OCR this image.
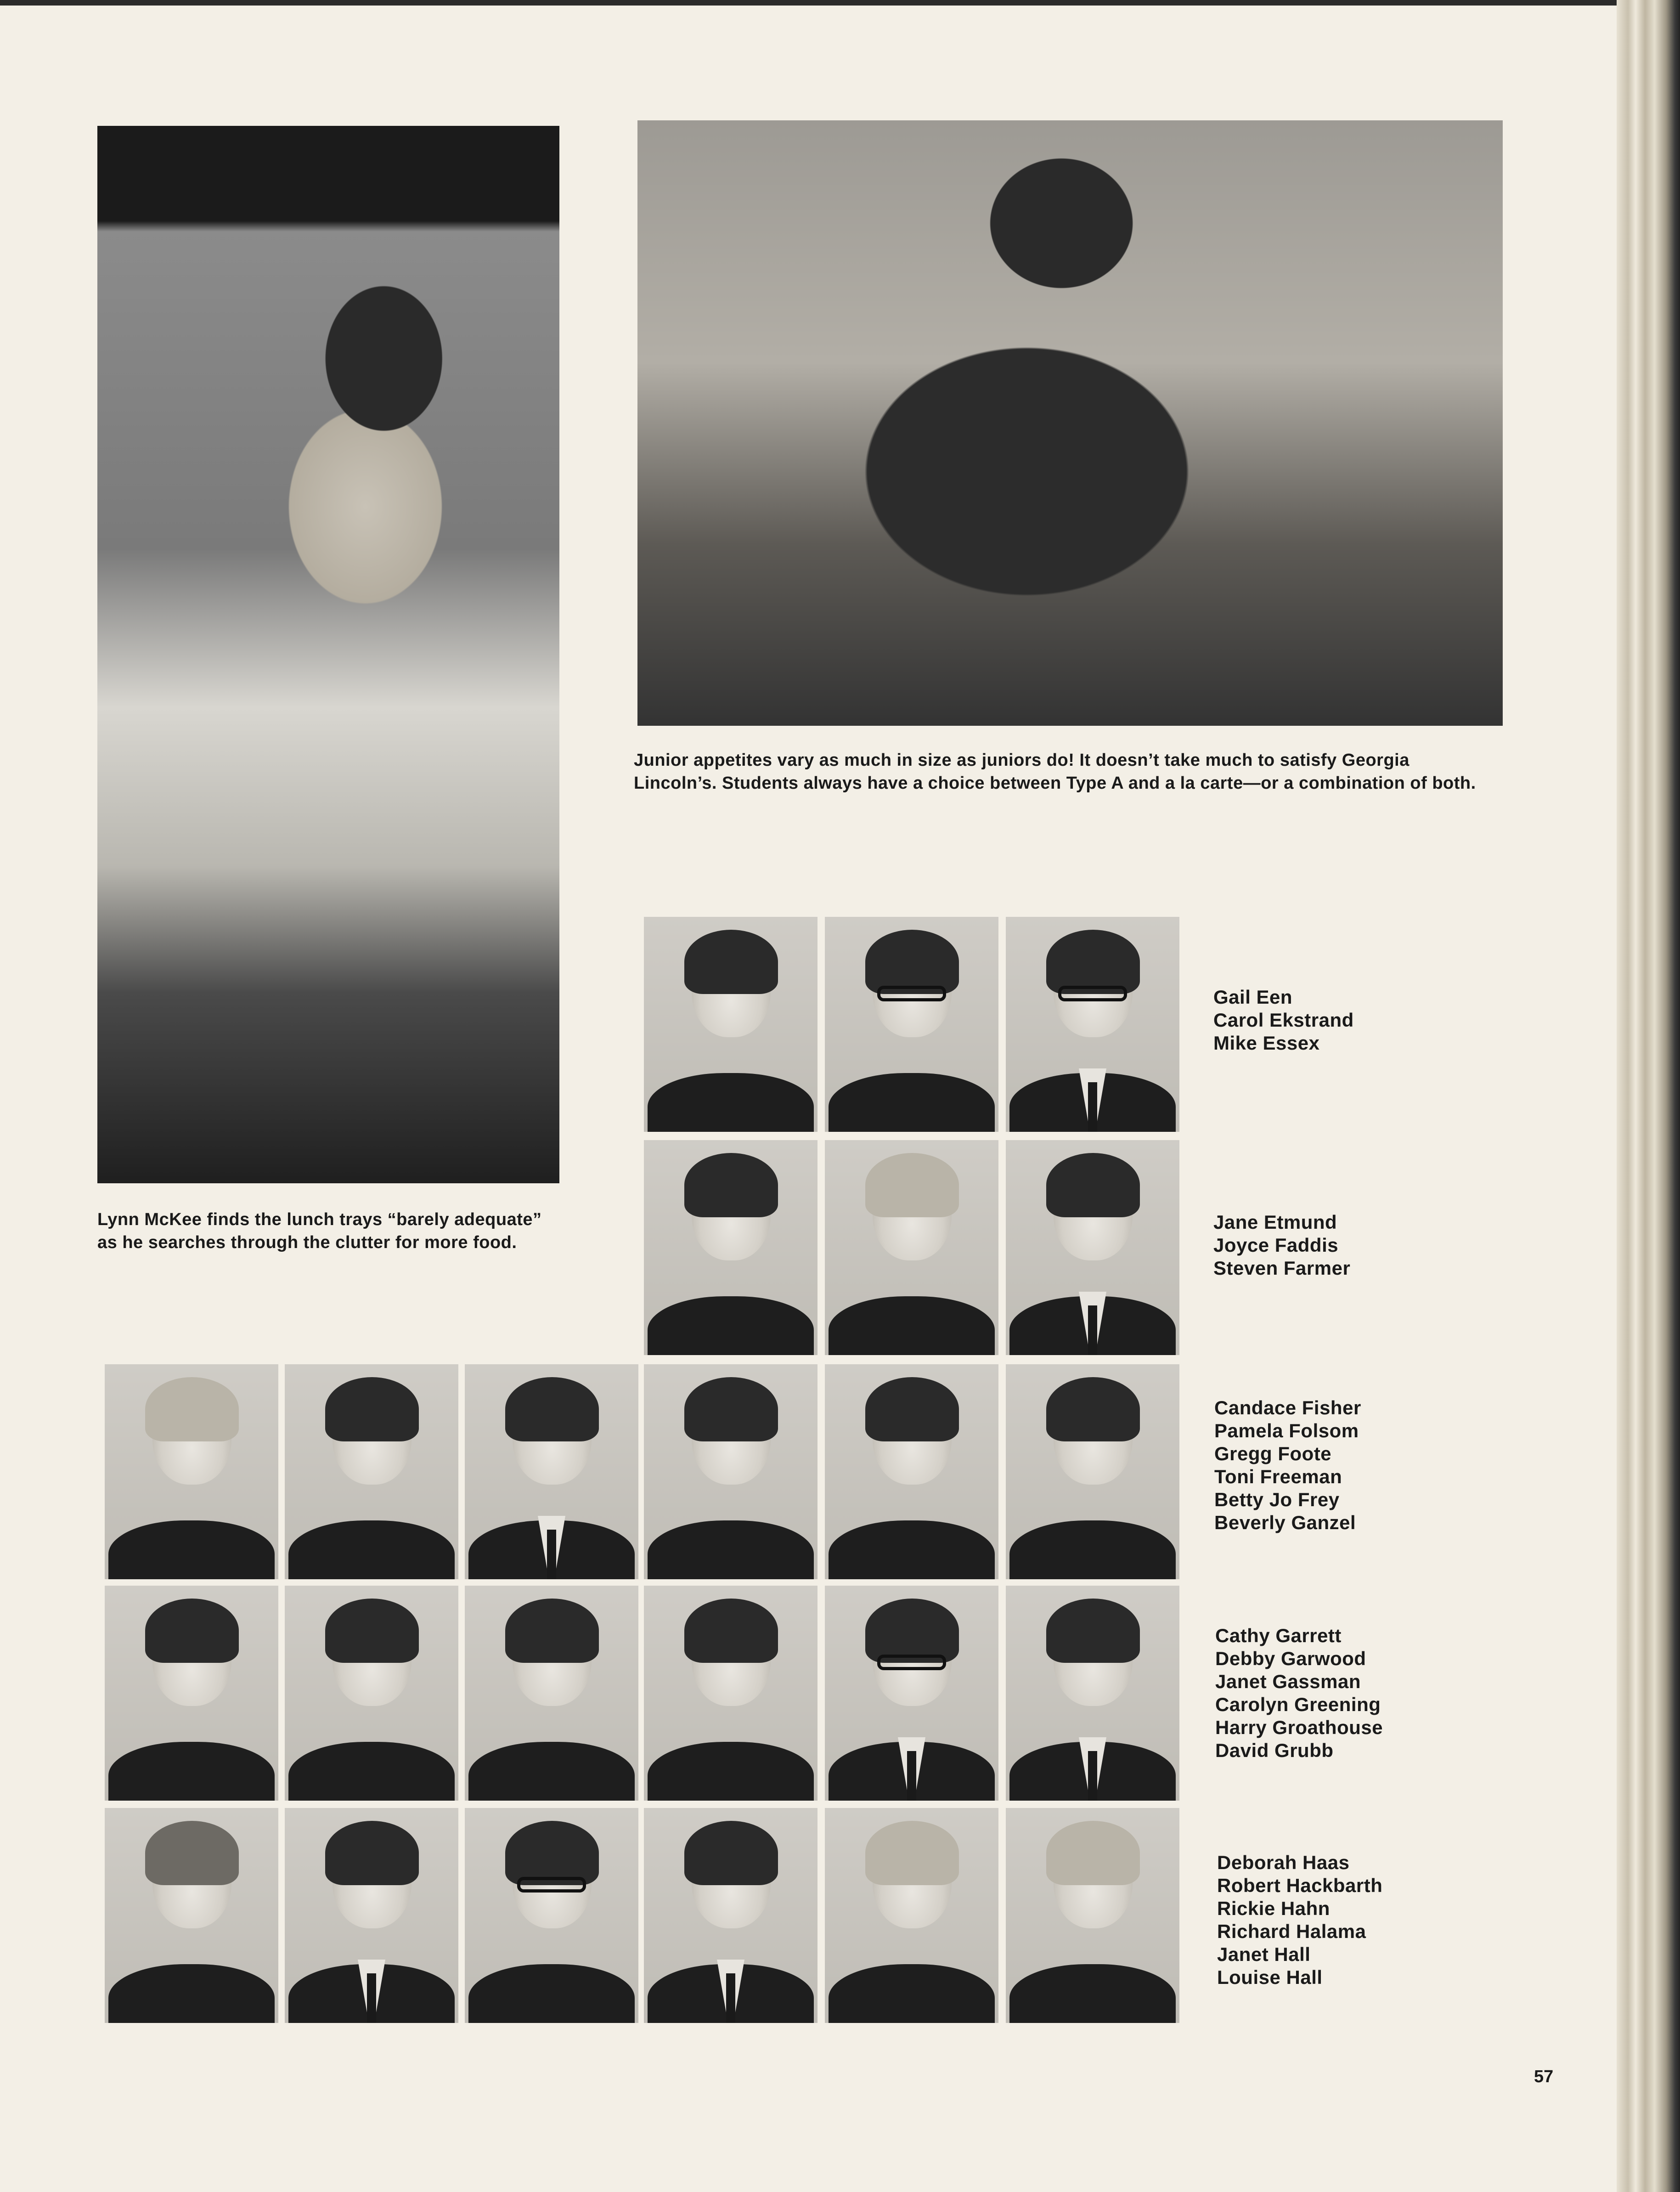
Lynn McKee finds the lunch trays “barely adequate”
as he searches through the clutter for more food.

Junior appetites vary as much in size as juniors do! It doesn’t take much to satisfy Georgia
Lincoln’s. Students always have a choice between Type A and a la carte—or a combination of both.

Gail Een
Carol Ekstrand
Mike Essex
Jane Etmund
Joyce Faddis
Steven Farmer
Candace Fisher
Pamela Folsom
Gregg Foote
Toni Freeman
Betty Jo Frey
Beverly Ganzel
Cathy Garrett
Debby Garwood
Janet Gassman
Carolyn Greening
Harry Groathouse
David Grubb
Deborah Haas
Robert Hackbarth
Rickie Hahn
Richard Halama
Janet Hall
Louise Hall
57
